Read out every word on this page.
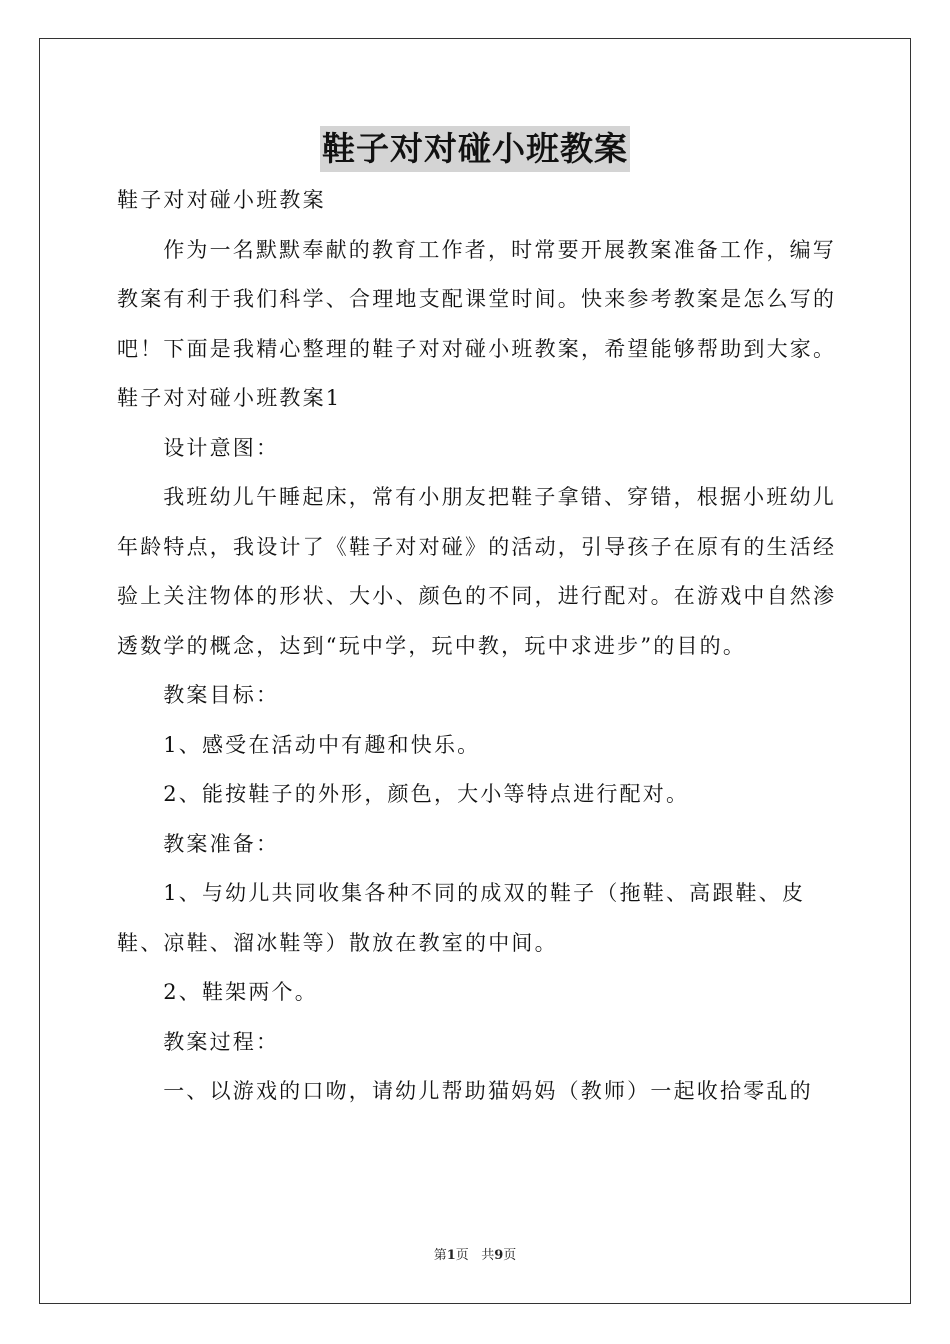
鞋子对对碰小班教案

鞋子对对碰小班教案

作为一名默默奉献的教育工作者，时常要开展教案准备工作，编写教案有利于我们科学、合理地支配课堂时间。快来参考教案是怎么写的吧！下面是我精心整理的鞋子对对碰小班教案，希望能够帮助到大家。

鞋子对对碰小班教案1

设计意图：

我班幼儿午睡起床，常有小朋友把鞋子拿错、穿错，根据小班幼儿年龄特点，我设计了《鞋子对对碰》的活动，引导孩子在原有的生活经验上关注物体的形状、大小、颜色的不同，进行配对。在游戏中自然渗透数学的概念，达到“玩中学，玩中教，玩中求进步”的目的。

教案目标：

1、感受在活动中有趣和快乐。

2、能按鞋子的外形，颜色，大小等特点进行配对。

教案准备：

1、与幼儿共同收集各种不同的成双的鞋子（拖鞋、高跟鞋、皮鞋、凉鞋、溜冰鞋等）散放在教室的中间。

2、鞋架两个。

教案过程：

一、以游戏的口吻，请幼儿帮助猫妈妈（教师）一起收拾零乱的

第1页 共9页
